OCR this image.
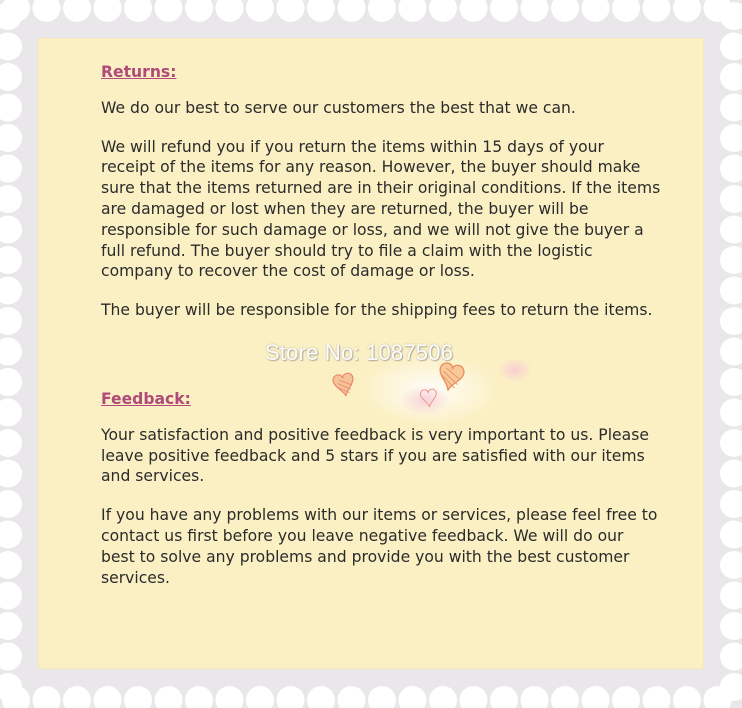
Store No: 1087506

Returns:

We do our best to serve our customers the best that we can.

We will refund you if you return the items within 15 days of your receipt of the items for any reason. However, the buyer should make sure that the items returned are in their original conditions. If the items are damaged or lost when they are returned, the buyer will be responsible for such damage or loss, and we will not give the buyer a full refund. The buyer should try to file a claim with the logistic company to recover the cost of damage or loss.

The buyer will be responsible for the shipping fees to return the items.

Feedback:

Your satisfaction and positive feedback is very important to us. Please leave positive feedback and 5 stars if you are satisfied with our items and services.

If you have any problems with our items or services, please feel free to contact us first before you leave negative feedback. We will do our best to solve any problems and provide you with the best customer services.
